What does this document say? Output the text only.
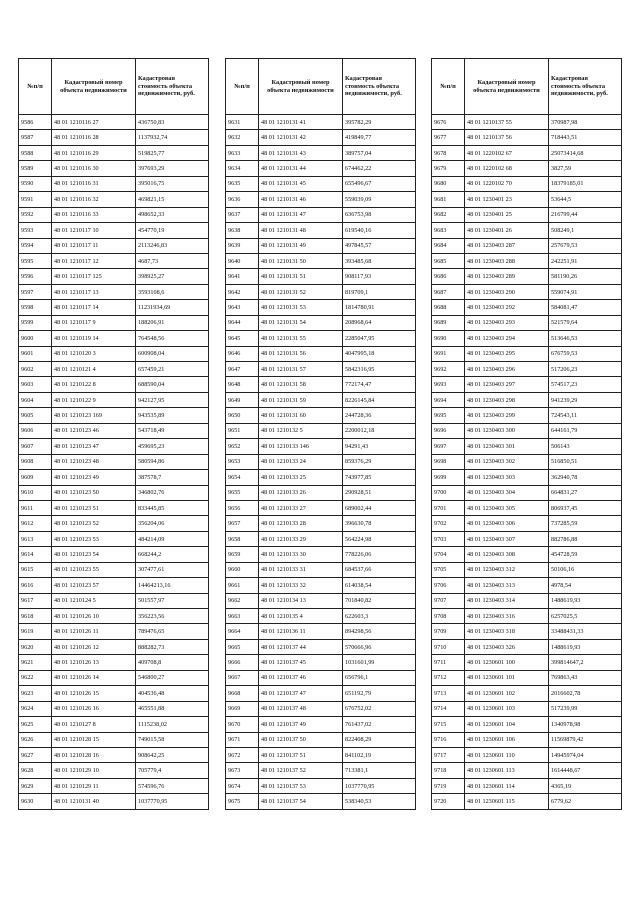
№п/п	Кадастровый номер объекта недвижимости	Кадастровая стоимость объекта недвижимости, руб.
9586	48 01 1210116 27	436750,83
9587	48 01 1210116 28	1137932,74
9588	48 01 1210116 29	519825,77
9589	48 01 1210116 30	397693,29
9590	48 01 1210116 31	395016,75
9591	48 01 1210116 32	469821,15
9592	48 01 1210116 33	498652,33
9593	48 01 1210117 10	454770,19
9594	48 01 1210117 11	2113246,83
9595	48 01 1210117 12	4687,73
9596	48 01 1210117 125	398925,27
9597	48 01 1210117 13	3593108,6
9598	48 01 1210117 14	11231934,69
9599	48 01 1210117 9	188206,91
9600	48 01 1210119 14	764548,56
9601	48 01 1210120 3	600908,04
9602	48 01 1210121 4	657459,21
9603	48 01 1210122 8	688590,04
9604	48 01 1210122 9	942127,95
9605	48 01 1210123 169	943535,89
9606	48 01 1210123 46	543718,49
9607	48 01 1210123 47	459695,23
9608	48 01 1210123 48	580594,86
9609	48 01 1210123 49	387578,7
9610	48 01 1210123 50	346802,76
9611	48 01 1210123 51	833445,85
9612	48 01 1210123 52	356204,06
9613	48 01 1210123 53	484214,09
9614	48 01 1210123 54	668244,2
9615	48 01 1210123 55	307477,61
9616	48 01 1210123 57	14464213,16
9617	48 01 1210124 5	501557,97
9618	48 01 1210126 10	356223,56
9619	48 01 1210126 11	789476,65
9620	48 01 1210126 12	888282,73
9621	48 01 1210126 13	409708,8
9622	48 01 1210126 14	546800,27
9623	48 01 1210126 15	404536,48
9624	48 01 1210126 16	465551,88
9625	48 01 1210127 8	1115238,02
9626	48 01 1210128 15	749015,58
9627	48 01 1210128 16	908642,25
9628	48 01 1210129 10	705779,4
9629	48 01 1210129 11	574596,76
9630	48 01 1210131 40	1037770,95
№п/п	Кадастровый номер объекта недвижимости	Кадастровая стоимость объекта недвижимости, руб.
9631	48 01 1210131 41	395782,29
9632	48 01 1210131 42	419849,77
9633	48 01 1210131 43	389757,04
9634	48 01 1210131 44	674462,22
9635	48 01 1210131 45	655496,67
9636	48 01 1210131 46	559039,09
9637	48 01 1210131 47	636753,98
9638	48 01 1210131 48	619540,16
9639	48 01 1210131 49	497845,57
9640	48 01 1210131 50	393485,68
9641	48 01 1210131 51	908117,93
9642	48 01 1210131 52	819709,1
9643	48 01 1210131 53	1814780,91
9644	48 01 1210131 54	208968,64
9645	48 01 1210131 55	2285047,95
9646	48 01 1210131 56	4047995,18
9647	48 01 1210131 57	5842316,95
9648	48 01 1210131 58	772174,47
9649	48 01 1210131 59	8226145,84
9650	48 01 1210131 60	244728,36
9651	48 01 1210132 5	2200012,18
9652	48 01 1210133 146	94291,43
9653	48 01 1210133 24	859376,29
9654	48 01 1210133 25	743977,85
9655	48 01 1210133 26	290928,51
9656	48 01 1210133 27	689002,44
9657	48 01 1210133 28	396630,78
9658	48 01 1210133 29	564224,98
9659	48 01 1210133 30	778226,06
9660	48 01 1210133 31	684537,66
9661	48 01 1210133 32	614038,54
9662	48 01 1210134 13	701840,82
9663	48 01 1210135 4	622603,3
9664	48 01 1210136 11	894298,56
9665	48 01 1210137 44	570666,96
9666	48 01 1210137 45	1031601,99
9667	48 01 1210137 46	656796,1
9668	48 01 1210137 47	651192,79
9669	48 01 1210137 48	676752,02
9670	48 01 1210137 49	761437,02
9671	48 01 1210137 50	822408,29
9672	48 01 1210137 51	841102,19
9673	48 01 1210137 52	713381,1
9674	48 01 1210137 53	1037770,95
9675	48 01 1210137 54	538340,53
№п/п	Кадастровый номер объекта недвижимости	Кадастровая стоимость объекта недвижимости, руб.
9676	48 01 1210137 55	370987,98
9677	48 01 1210137 56	718443,51
9678	48 01 1220102 67	25073414,68
9679	48 01 1220102 68	3827,59
9680	48 01 1220102 70	18379185,01
9681	48 01 1230401 23	53644,5
9682	48 01 1230401 25	216799,44
9683	48 01 1230401 26	508249,1
9684	48 01 1230403 287	257679,53
9685	48 01 1230403 288	242251,91
9686	48 01 1230403 289	581190,26
9687	48 01 1230403 290	559074,91
9688	48 01 1230403 292	584081,47
9689	48 01 1230403 293	521579,64
9690	48 01 1230403 294	513646,53
9691	48 01 1230403 295	676759,53
9692	48 01 1230403 296	517206,23
9693	48 01 1230403 297	574517,23
9694	48 01 1230403 298	941239,29
9695	48 01 1230403 299	724543,11
9696	48 01 1230403 300	644161,79
9697	48 01 1230403 301	506143
9698	48 01 1230403 302	516850,51
9699	48 01 1230403 303	362940,78
9700	48 01 1230403 304	664831,27
9701	48 01 1230403 305	806937,45
9702	48 01 1230403 306	737285,59
9703	48 01 1230403 307	882786,88
9704	48 01 1230403 308	454728,59
9705	48 01 1230403 312	50106,16
9706	48 01 1230403 313	4978,54
9707	48 01 1230403 314	1488619,93
9708	48 01 1230403 316	6257025,5
9709	48 01 1230403 318	33488431,33
9710	48 01 1230403 326	1488619,93
9711	48 01 1230601 100	399814647,2
9712	48 01 1230601 101	769863,43
9713	48 01 1230601 102	2016602,78
9714	48 01 1230601 103	517239,99
9715	48 01 1230601 104	1340978,98
9716	48 01 1230601 106	11569879,42
9717	48 01 1230601 110	14945974,04
9718	48 01 1230601 113	1614448,67
9719	48 01 1230601 114	4365,19
9720	48 01 1230601 115	6779,62
